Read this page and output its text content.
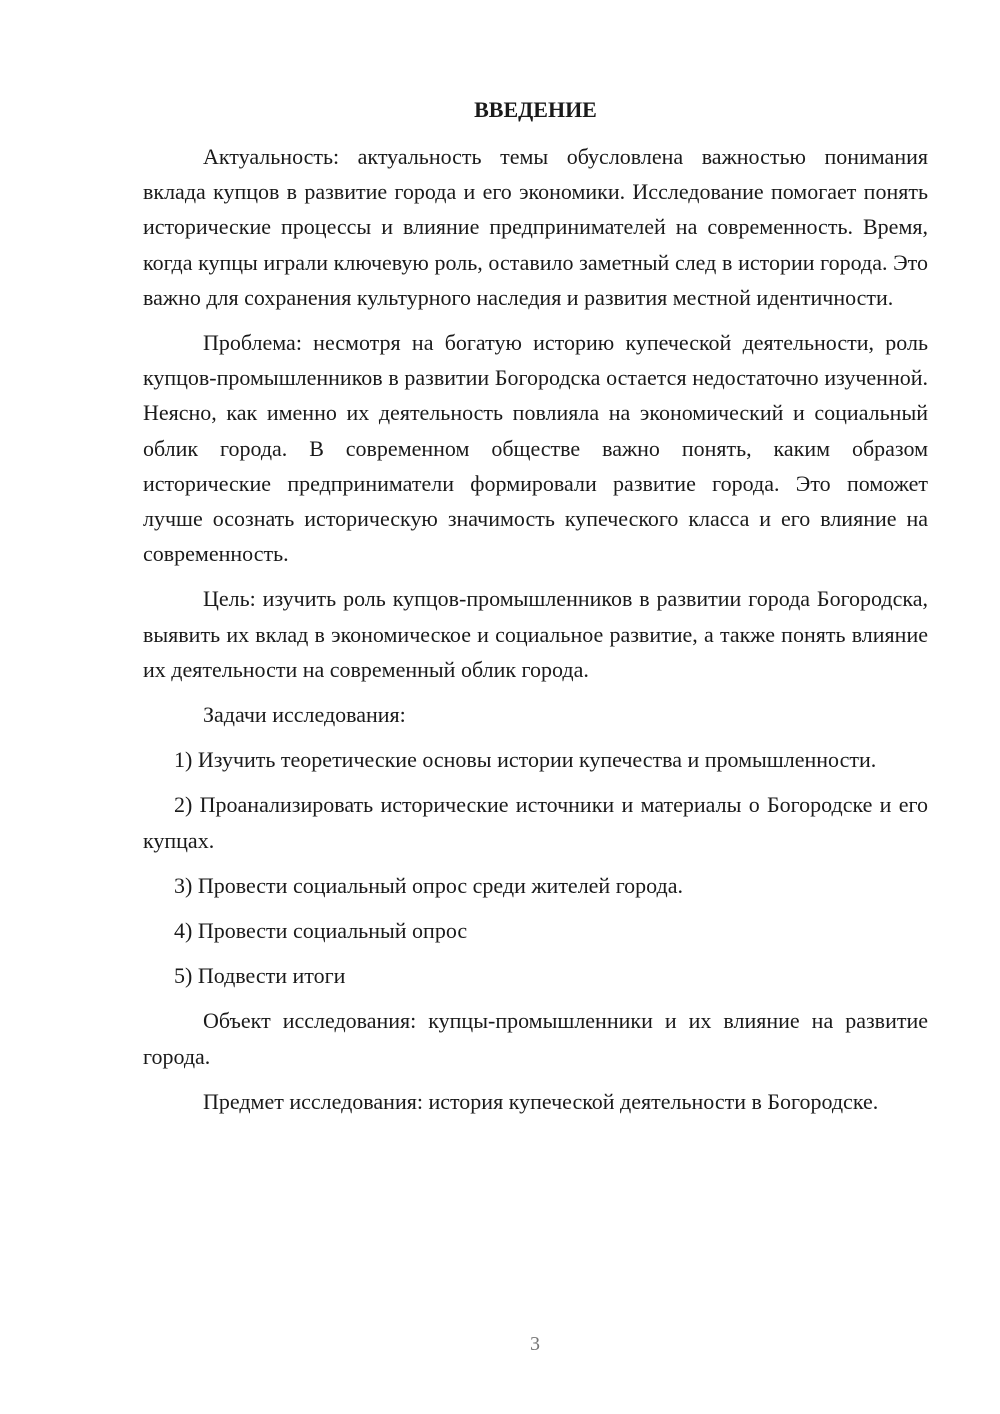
ВВЕДЕНИЕ

Актуальность: актуальность темы обусловлена важностью понимания вклада купцов в развитие города и его экономики. Исследование помогает понять исторические процессы и влияние предпринимателей на современность. Время, когда купцы играли ключевую роль, оставило заметный след в истории города. Это важно для сохранения культурного наследия и развития местной идентичности.

Проблема: несмотря на богатую историю купеческой деятельности, роль купцов-промышленников в развитии Богородска остается недостаточно изученной. Неясно, как именно их деятельность повлияла на экономический и социальный облик города. В современном обществе важно понять, каким образом исторические предприниматели формировали развитие города. Это поможет лучше осознать историческую значимость купеческого класса и его влияние на современность.

Цель: изучить роль купцов-промышленников в развитии города Богородска, выявить их вклад в экономическое и социальное развитие, а также понять влияние их деятельности на современный облик города.

Задачи исследования:

1) Изучить теоретические основы истории купечества и промышленности.

2) Проанализировать исторические источники и материалы о Богородске и его купцах.

3) Провести социальный опрос среди жителей города.

4) Провести социальный опрос

5) Подвести итоги

Объект исследования: купцы-промышленники и их влияние на развитие города.

Предмет исследования: история купеческой деятельности в Богородске.

3
